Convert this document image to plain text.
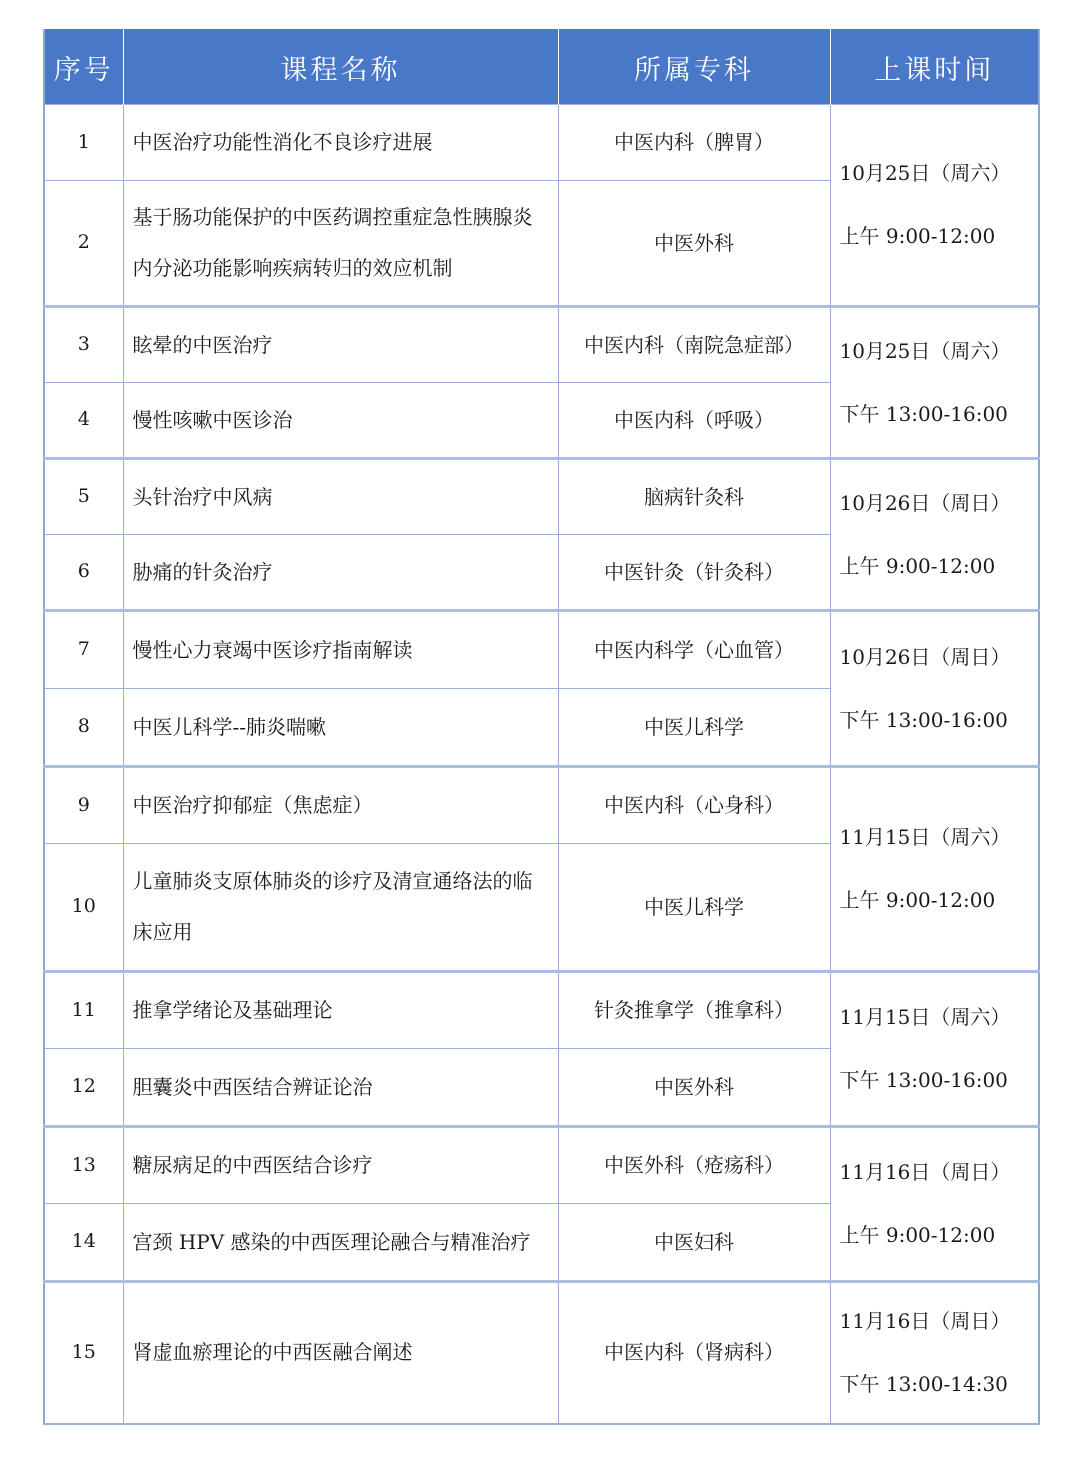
序号	课程名称	所属专科	上课时间
1	中医治疗功能性消化不良诊疗进展	中医内科（脾胃）	10月25日（周六）
上午 9:00-12:00

2	基于肠功能保护的中医药调控重症急性胰腺炎内分泌功能影响疾病转归的效应机制	中医外科	
3	眩晕的中医治疗	中医内科（南院急症部）	10月25日（周六）
下午 13:00-16:00

4	慢性咳嗽中医诊治	中医内科（呼吸）	
5	头针治疗中风病	脑病针灸科	10月26日（周日）
上午 9:00-12:00

6	胁痛的针灸治疗	中医针灸（针灸科）	
7	慢性心力衰竭中医诊疗指南解读	中医内科学（心血管）	10月26日（周日）
下午 13:00-16:00

8	中医儿科学--肺炎喘嗽	中医儿科学	
9	中医治疗抑郁症（焦虑症）	中医内科（心身科）	11月15日（周六）
上午 9:00-12:00

10	儿童肺炎支原体肺炎的诊疗及清宣通络法的临床应用	中医儿科学	
11	推拿学绪论及基础理论	针灸推拿学（推拿科）	11月15日（周六）
下午 13:00-16:00

12	胆囊炎中西医结合辨证论治	中医外科	
13	糖尿病足的中西医结合诊疗	中医外科（疮疡科）	11月16日（周日）
上午 9:00-12:00

14	宫颈 HPV 感染的中西医理论融合与精准治疗	中医妇科	
15	肾虚血瘀理论的中西医融合阐述	中医内科（肾病科）	11月16日（周日）
下午 13:00-14:30
